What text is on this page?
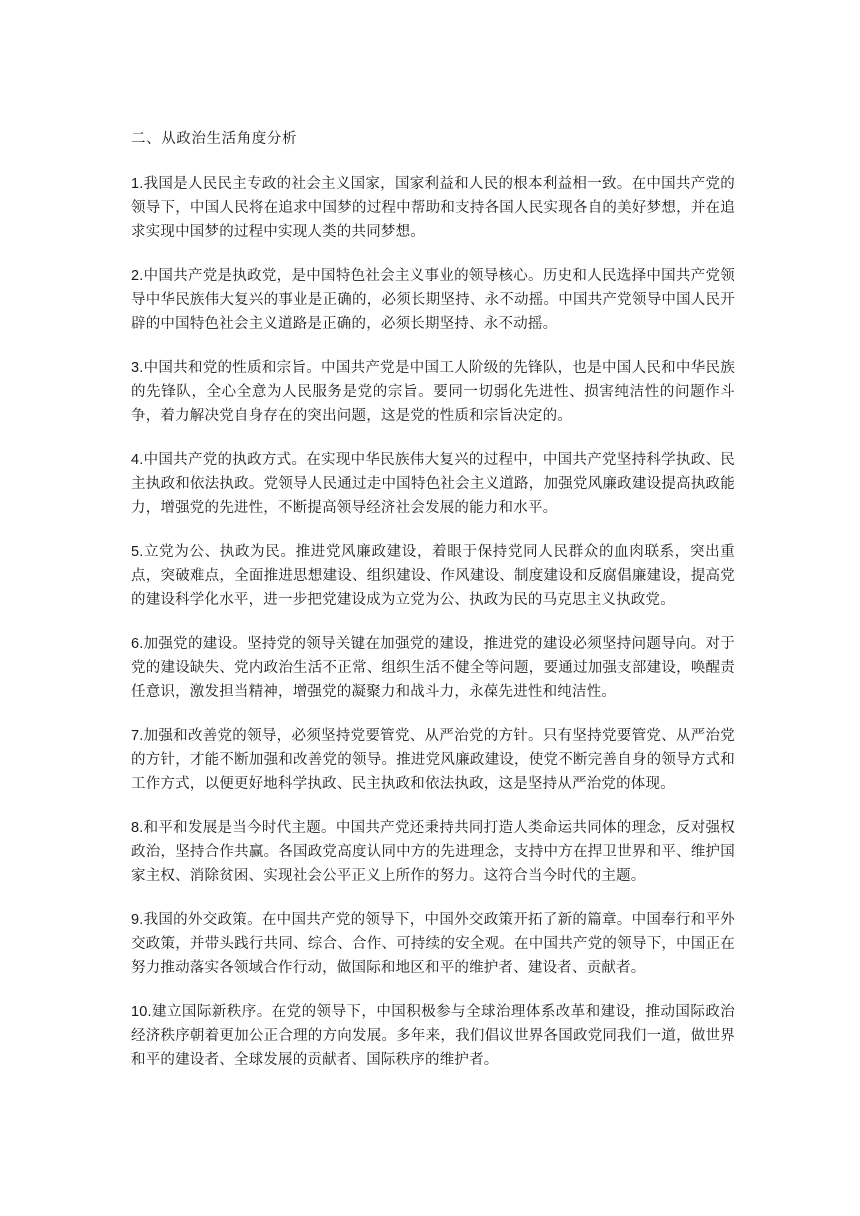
二、从政治生活角度分析

1.我国是人民民主专政的社会主义国家，国家利益和人民的根本利益相一致。在中国共产党的领导下，中国人民将在追求中国梦的过程中帮助和支持各国人民实现各自的美好梦想，并在追求实现中国梦的过程中实现人类的共同梦想。

2.中国共产党是执政党，是中国特色社会主义事业的领导核心。历史和人民选择中国共产党领导中华民族伟大复兴的事业是正确的，必须长期坚持、永不动摇。中国共产党领导中国人民开辟的中国特色社会主义道路是正确的，必须长期坚持、永不动摇。

3.中国共和党的性质和宗旨。中国共产党是中国工人阶级的先锋队，也是中国人民和中华民族的先锋队，全心全意为人民服务是党的宗旨。要同一切弱化先进性、损害纯洁性的问题作斗争，着力解决党自身存在的突出问题，这是党的性质和宗旨决定的。

4.中国共产党的执政方式。在实现中华民族伟大复兴的过程中，中国共产党坚持科学执政、民主执政和依法执政。党领导人民通过走中国特色社会主义道路，加强党风廉政建设提高执政能力，增强党的先进性，不断提高领导经济社会发展的能力和水平。

5.立党为公、执政为民。推进党风廉政建设，着眼于保持党同人民群众的血肉联系，突出重点，突破难点，全面推进思想建设、组织建设、作风建设、制度建设和反腐倡廉建设，提高党的建设科学化水平，进一步把党建设成为立党为公、执政为民的马克思主义执政党。

6.加强党的建设。坚持党的领导关键在加强党的建设，推进党的建设必须坚持问题导向。对于党的建设缺失、党内政治生活不正常、组织生活不健全等问题，要通过加强支部建设，唤醒责任意识，激发担当精神，增强党的凝聚力和战斗力，永葆先进性和纯洁性。

7.加强和改善党的领导，必须坚持党要管党、从严治党的方针。只有坚持党要管党、从严治党的方针，才能不断加强和改善党的领导。推进党风廉政建设，使党不断完善自身的领导方式和工作方式，以便更好地科学执政、民主执政和依法执政，这是坚持从严治党的体现。

8.和平和发展是当今时代主题。中国共产党还秉持共同打造人类命运共同体的理念，反对强权政治，坚持合作共赢。各国政党高度认同中方的先进理念，支持中方在捍卫世界和平、维护国家主权、消除贫困、实现社会公平正义上所作的努力。这符合当今时代的主题。

9.我国的外交政策。在中国共产党的领导下，中国外交政策开拓了新的篇章。中国奉行和平外交政策，并带头践行共同、综合、合作、可持续的安全观。在中国共产党的领导下，中国正在努力推动落实各领域合作行动，做国际和地区和平的维护者、建设者、贡献者。

10.建立国际新秩序。在党的领导下，中国积极参与全球治理体系改革和建设，推动国际政治经济秩序朝着更加公正合理的方向发展。多年来，我们倡议世界各国政党同我们一道，做世界和平的建设者、全球发展的贡献者、国际秩序的维护者。
